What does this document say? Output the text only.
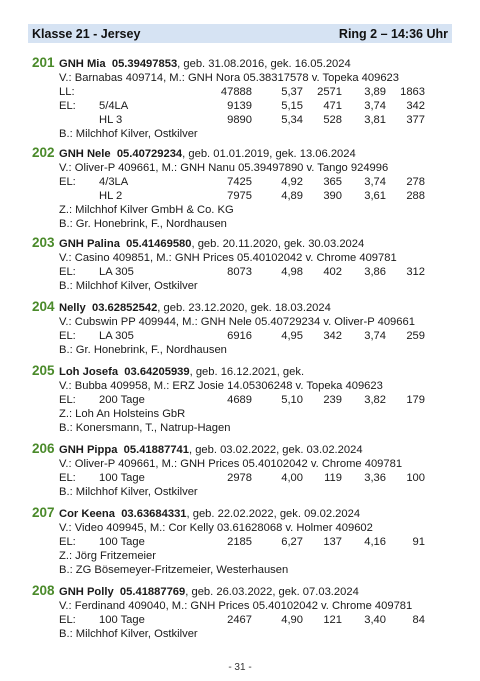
Klasse 21 - Jersey	Ring 2 – 14:36 Uhr
201 GNH Mia
05.39497853 , geb. 31.08.2016, gek. 16.05.2024
V.: Barnabas 409714, M.: GNH Nora 05.38317578 v. Topeka 409623
LL:	47888	5,37 2571 3,89 1863
EL: 5/4LA	9139	5,15 471 3,74 342
HL 3	9890	5,34 528 3,81 377
B.: Milchhof Kilver, Ostkilver
202 GNH Nele
05.40729234 , geb. 01.01.2019, gek. 13.06.2024
V.: Oliver-P 409661, M.: GNH Nanu 05.39497890 v. Tango 924996
EL: 4/3LA	7425	4,92 365 3,74 278
HL 2	7975	4,89 390 3,61 288
Z.: Milchhof Kilver GmbH & Co. KG
B.: Gr. Honebrink, F., Nordhausen
203 GNH Palina
05.41469580 , geb. 20.11.2020, gek. 30.03.2024
V.: Casino 409851, M.: GNH Prices 05.40102042 v. Chrome 409781
EL: LA 305	8073	4,98 402 3,86 312
B.: Milchhof Kilver, Ostkilver
204 Nelly
03.62852542 , geb. 23.12.2020, gek. 18.03.2024
V.: Cubswin PP 409944, M.: GNH Nele 05.40729234 v. Oliver-P 409661
EL: LA 305	6916	4,95 342 3,74 259
B.: Gr. Honebrink, F., Nordhausen
205 Loh Josefa
03.64205939 , geb. 16.12.2021, gek.
V.: Bubba 409958, M.: ERZ Josie 14.05306248 v. Topeka 409623
EL: 200 Tage	4689	5,10 239 3,82 179
Z.: Loh An Holsteins GbR
B.: Konersmann, T., Natrup-Hagen
206 GNH Pippa
05.41887741 , geb. 03.02.2022, gek. 03.02.2024
V.: Oliver-P 409661, M.: GNH Prices 05.40102042 v. Chrome 409781
EL: 100 Tage	2978	4,00 119 3,36 100
B.: Milchhof Kilver, Ostkilver
207 Cor Keena
03.63684331 , geb. 22.02.2022, gek. 09.02.2024
V.: Video 409945, M.: Cor Kelly 03.61628068 v. Holmer 409602
EL: 100 Tage	2185	6,27 137 4,16 91
Z.: Jörg Fritzemeier
B.: ZG Bösemeyer-Fritzemeier, Westerhausen
208 GNH Polly
05.41887769 , geb. 26.03.2022, gek. 07.03.2024
V.: Ferdinand 409040, M.: GNH Prices 05.40102042 v. Chrome 409781
EL: 100 Tage	2467	4,90 121 3,40 84
B.: Milchhof Kilver, Ostkilver
- 31 -
